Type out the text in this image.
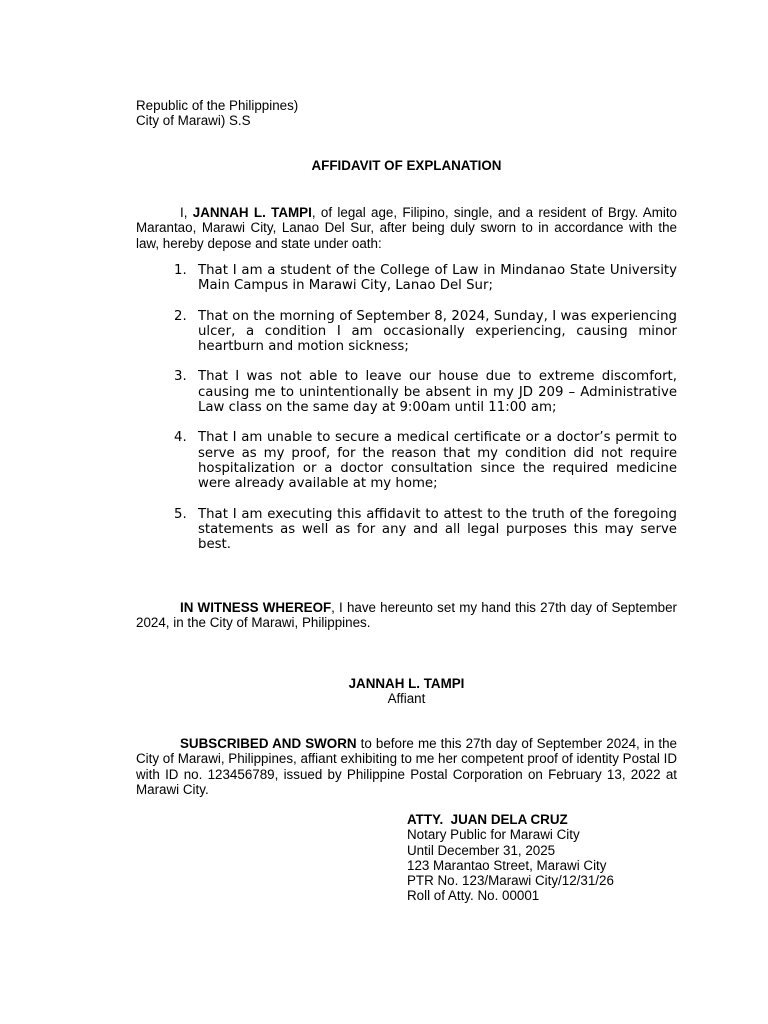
Republic of the Philippines)
City of Marawi) S.S
AFFIDAVIT OF EXPLANATION

I, JANNAH L. TAMPI, of legal age, Filipino, single, and a resident of Brgy. Amito Marantao, Marawi City, Lanao Del Sur, after being duly sworn to in accordance with the law, hereby depose and state under oath:

1. That I am a student of the College of Law in Mindanao State University Main Campus in Marawi City, Lanao Del Sur;
2. That on the morning of September 8, 2024, Sunday, I was experiencing ulcer, a condition I am occasionally experiencing, causing minor heartburn and motion sickness;
3. That I was not able to leave our house due to extreme discomfort, causing me to unintentionally be absent in my JD 209 – Administrative Law class on the same day at 9:00am until 11:00 am;
4. That I am unable to secure a medical certificate or a doctor’s permit to serve as my proof, for the reason that my condition did not require hospitalization or a doctor consultation since the required medicine were already available at my home;
5. That I am executing this affidavit to attest to the truth of the foregoing statements as well as for any and all legal purposes this may serve best.

IN WITNESS WHEREOF, I have hereunto set my hand this 27th day of September 2024, in the City of Marawi, Philippines.

JANNAH L. TAMPI
Affiant

SUBSCRIBED AND SWORN to before me this 27th day of September 2024, in the City of Marawi, Philippines, affiant exhibiting to me her competent proof of identity Postal ID with ID no. 123456789, issued by Philippine Postal Corporation on February 13, 2022 at Marawi City.

ATTY.  JUAN DELA CRUZ
Notary Public for Marawi City
Until December 31, 2025
123 Marantao Street, Marawi City
PTR No. 123/Marawi City/12/31/26
Roll of Atty. No. 00001
